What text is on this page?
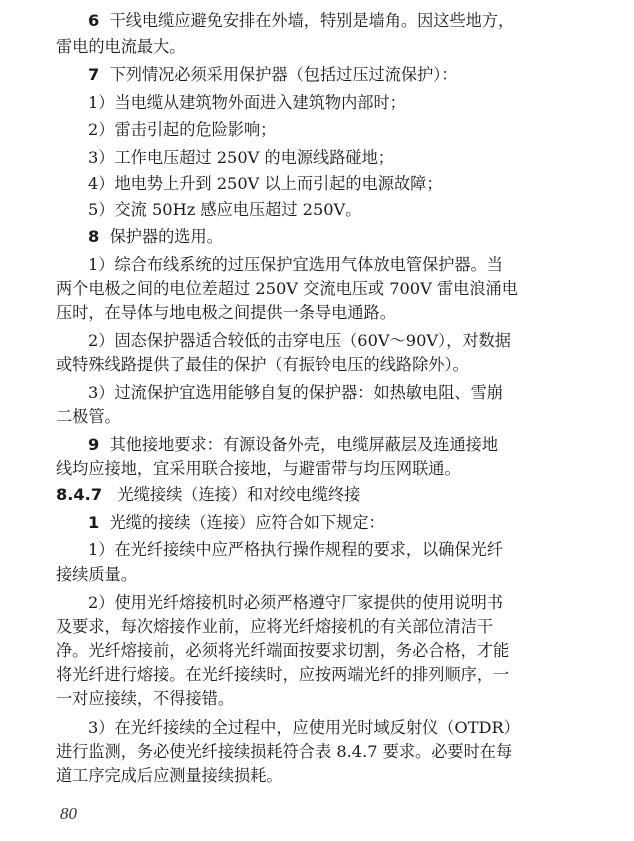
6 干线电缆应避免安排在外墙，特别是墙角。因这些地方，

雷电的电流最大。

7 下列情况必须采用保护器（包括过压过流保护）：

1）当电缆从建筑物外面进入建筑物内部时；

2）雷击引起的危险影响；

3）工作电压超过 250V 的电源线路碰地；

4）地电势上升到 250V 以上而引起的电源故障；

5）交流 50Hz 感应电压超过 250V。

8 保护器的选用。

1）综合布线系统的过压保护宜选用气体放电管保护器。当

两个电极之间的电位差超过 250V 交流电压或 700V 雷电浪涌电

压时，在导体与地电极之间提供一条导电通路。

2）固态保护器适合较低的击穿电压（60V～90V），对数据

或特殊线路提供了最佳的保护（有振铃电压的线路除外）。

3）过流保护宜选用能够自复的保护器：如热敏电阻、雪崩

二极管。

9 其他接地要求：有源设备外壳，电缆屏蔽层及连通接地

线均应接地，宜采用联合接地，与避雷带与均压网联通。

8.4.7 光缆接续（连接）和对绞电缆终接

1 光缆的接续（连接）应符合如下规定：

1）在光纤接续中应严格执行操作规程的要求，以确保光纤

接续质量。

2）使用光纤熔接机时必须严格遵守厂家提供的使用说明书

及要求，每次熔接作业前，应将光纤熔接机的有关部位清洁干

净。光纤熔接前，必须将光纤端面按要求切割，务必合格，才能

将光纤进行熔接。在光纤接续时，应按两端光纤的排列顺序，一

一对应接续，不得接错。

3）在光纤接续的全过程中，应使用光时域反射仪（OTDR）

进行监测，务必使光纤接续损耗符合表 8.4.7 要求。必要时在每

道工序完成后应测量接续损耗。

80
